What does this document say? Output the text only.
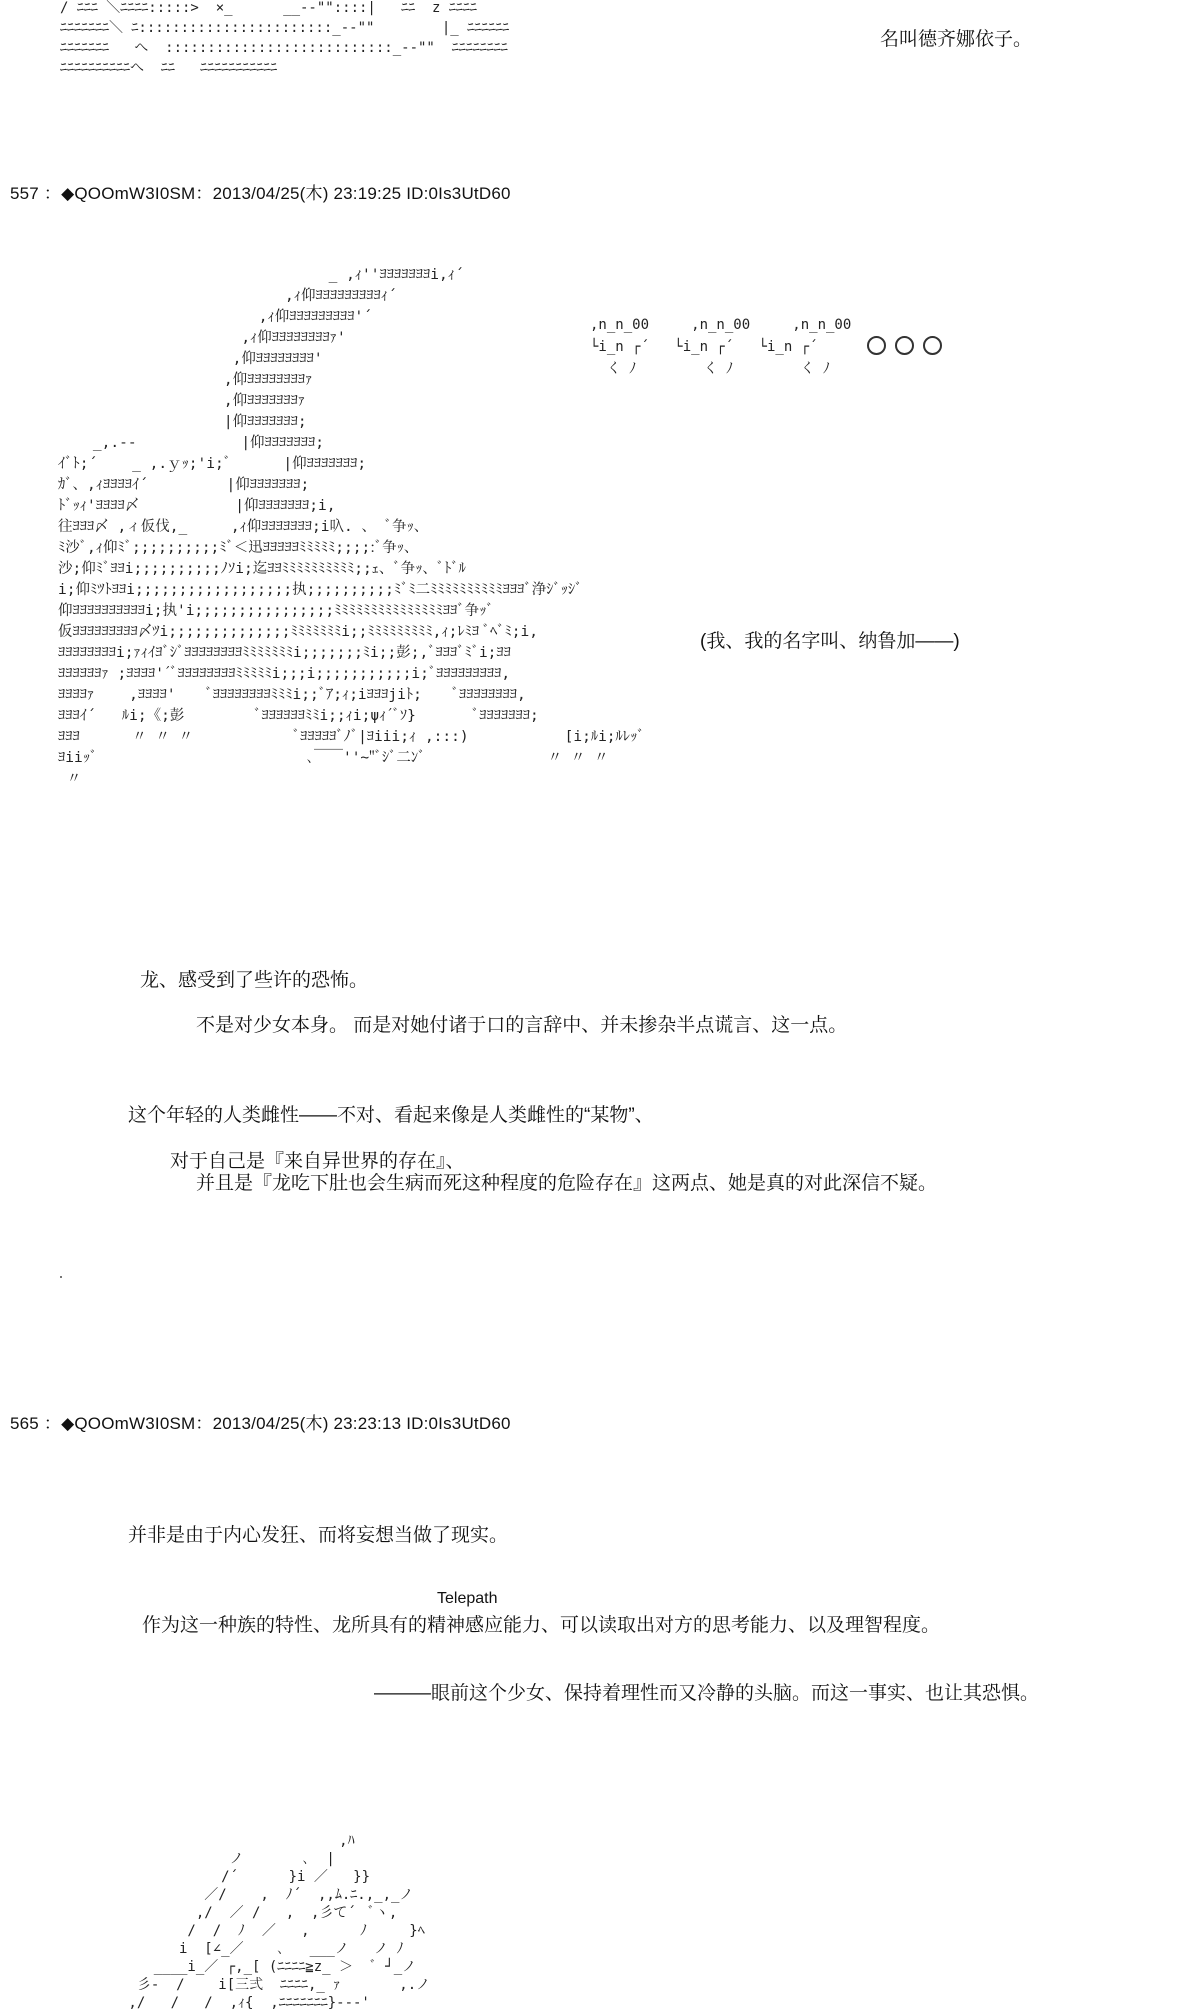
/ ﾆﾆﾆ ＼ﾆﾆﾆﾆ:::::>  ×_      __--""::::|   ﾆﾆ  z ﾆﾆﾆﾆ
ﾆﾆﾆﾆﾆﾆﾆ＼ ﾆ:::::::::::::::::::::::_--""        |_ ﾆﾆﾆﾆﾆﾆ
ﾆﾆﾆﾆﾆﾆﾆ   へ  :::::::::::::::::::::::::::_--""  ﾆﾆﾆﾆﾆﾆﾆﾆ
ﾆﾆﾆﾆﾆﾆﾆﾆﾆﾆへ  ﾆﾆ   ﾆﾆﾆﾆﾆﾆﾆﾆﾆﾆﾆ
名叫德齐娜依子。
557 ：◆QOOmW3I0SM：2013/04/25(木) 23:19:25 ID:0Is3UtD60
_ ,ｨ''ﾖﾖﾖﾖﾖﾖﾖi,ｨ´
,ｨ仰ﾖﾖﾖﾖﾖﾖﾖﾖﾖｨ´
,ｨ仰ﾖﾖﾖﾖﾖﾖﾖﾖﾖ'´
,ｨ仰ﾖﾖﾖﾖﾖﾖﾖﾖｧ'
,仰ﾖﾖﾖﾖﾖﾖﾖﾖ'
,仰ﾖﾖﾖﾖﾖﾖﾖﾖｧ
,仰ﾖﾖﾖﾖﾖﾖﾖｧ
|仰ﾖﾖﾖﾖﾖﾖﾖ;
_,.-‐            |仰ﾖﾖﾖﾖﾖﾖﾖ;
ｲﾞﾄ;´    _ ,.ｙｯ;'i;ﾞ      |仰ﾖﾖﾖﾖﾖﾖﾖ;
ｶﾞ、,ｨﾖﾖﾖﾖｲ´         |仰ﾖﾖﾖﾖﾖﾖﾖ;
ﾄﾞｯｨ'ﾖﾖﾖﾖ〆           |仰ﾖﾖﾖﾖﾖﾖﾖ;i,
往ﾖﾖﾖ〆 ,ィ仮伐,_     ,ｨ仰ﾖﾖﾖﾖﾖﾖﾖ;i叺. 、 ﾞ争ｯ、
ﾐ沙ﾞ,ｨ仰ﾐﾞ;;;;;;;;;;ﾐﾞ＜迅ﾖﾖﾖﾖﾖﾐﾐﾐﾐﾐ;;;;:ﾞ争ｯ、
沙;仰ﾐﾞﾖﾖi;;;;;;;;;;ﾉｿi;迄ﾖﾖﾐﾐﾐﾐﾐﾐﾐﾐﾐﾐ;;ｪ、ﾞ争ｯ、ﾞﾄﾞﾙ
i;仰ﾐﾂﾄﾖﾖi;;;;;;;;;;;;;;;;;;执;;;;;;;;;;ﾐﾞﾐ二ﾐﾐﾐﾐﾐﾐﾐﾐﾐﾐﾖﾖﾖﾞ浄ｼﾞｯｼﾞ
仰ﾖﾖﾖﾖﾖﾖﾖﾖﾖﾖi;执'i;;;;;;;;;;;;;;;;ﾐﾐﾐﾐﾐﾐﾐﾐﾐﾐﾐﾐﾐﾐﾐﾖﾖﾞ争ｯﾞ
仮ﾖﾖﾖﾖﾖﾖﾖﾖﾖ〆ﾂi;;;;;;;;;;;;;;ﾐﾐﾐﾐﾐﾐﾐi;;ﾐﾐﾐﾐﾐﾐﾐﾐﾐ,ｨ;ﾚﾐﾖ ﾞﾍﾞﾐ;i,
ﾖﾖﾖﾖﾖﾖﾖﾖi;ｧｨｲﾖﾞｼﾞﾖﾖﾖﾖﾖﾖﾖﾖﾐﾐﾐﾐﾐﾐﾐi;;;;;;;ﾐi;;彭;,ﾞﾖﾖﾖﾞﾐﾞi;ﾖﾖ
ﾖﾖﾖﾖﾖﾖｧ ;ﾖﾖﾖﾖ'´ﾞﾖﾖﾖﾖﾖﾖﾖﾖﾐﾐﾐﾐﾐi;;;i;;;;;;;;;;;i;ﾞﾖﾖﾖﾖﾖﾖﾖﾖﾖ,
ﾖﾖﾖﾖｧ    ,ﾖﾖﾖﾖ'    ﾞﾖﾖﾖﾖﾖﾖﾖﾖﾐﾐﾐi;;ﾞｱ;ｨ;iﾖﾖﾖjiﾄ;    ﾞﾖﾖﾖﾖﾖﾖﾖﾖ,
ﾖﾖﾖｲ´   ﾙi;《;彭        ﾞﾖﾖﾖﾖﾖﾖﾐﾐi;;ｨi;ψｨ´ﾞｿ}       ﾞﾖﾖﾖﾖﾖﾖﾖ;
ﾖﾖﾖ      〃 〃 〃            ﾞﾖﾖﾖﾖﾖﾞﾉﾞ|ﾖiii;ｨ ,:::)           [i;ﾙi;ﾙﾚｯﾞ
ﾖiiｯﾞ                        ､￣￣''~"ﾞｼﾞ二ﾝﾞ              〃 〃 〃
〃
,n_n_00     ,n_n_00     ,n_n_00
└i_n ┌´   └i_n ┌´   └i_n ┌´
く ﾉ        く ﾉ        く ﾉ
(我、我的名字叫、纳鲁加——)
龙、感受到了些许的恐怖。
不是对少女本身。 而是对她付诸于口的言辞中、并未掺杂半点谎言、这一点。
这个年轻的人类雌性——不对、看起来像是人类雌性的“某物”、
对于自己是『来自异世界的存在』、
并且是『龙吃下肚也会生病而死这种程度的危险存在』这两点、她是真的对此深信不疑。
565 ：◆QOOmW3I0SM：2013/04/25(木) 23:23:13 ID:0Is3UtD60
并非是由于内心发狂、而将妄想当做了现实。
Telepath
作为这一种族的特性、龙所具有的精神感应能力、可以读取出对方的思考能力、以及理智程度。
———眼前这个少女、保持着理性而又冷静的头脑。而这一事实、也让其恐惧。
,ﾊ
ノ       ､  |
/´      }i ／   }}
／/    ,  ﾉ´  ,,ﾑ.ﾆ.,_,_ノ
,/  ／ /   ,  ,彡て´  ﾞヽ,
/  /  ﾉ  ／   ,      ﾉ     }ﾍ
i  [∠_／    ､   ___ノ   ノ ﾉ
____i_／ ┌,_[ (ﾆﾆﾆﾆ≧z_ ＞  ﾞ ┘_ノ
彡-  /    i[三弍  ﾆﾆﾆﾆ,_ ｧ       ,.ノ
,/   /   /  ,ｨ{  ,ﾆﾆﾆﾆﾆﾆﾆ}‐-‐'
